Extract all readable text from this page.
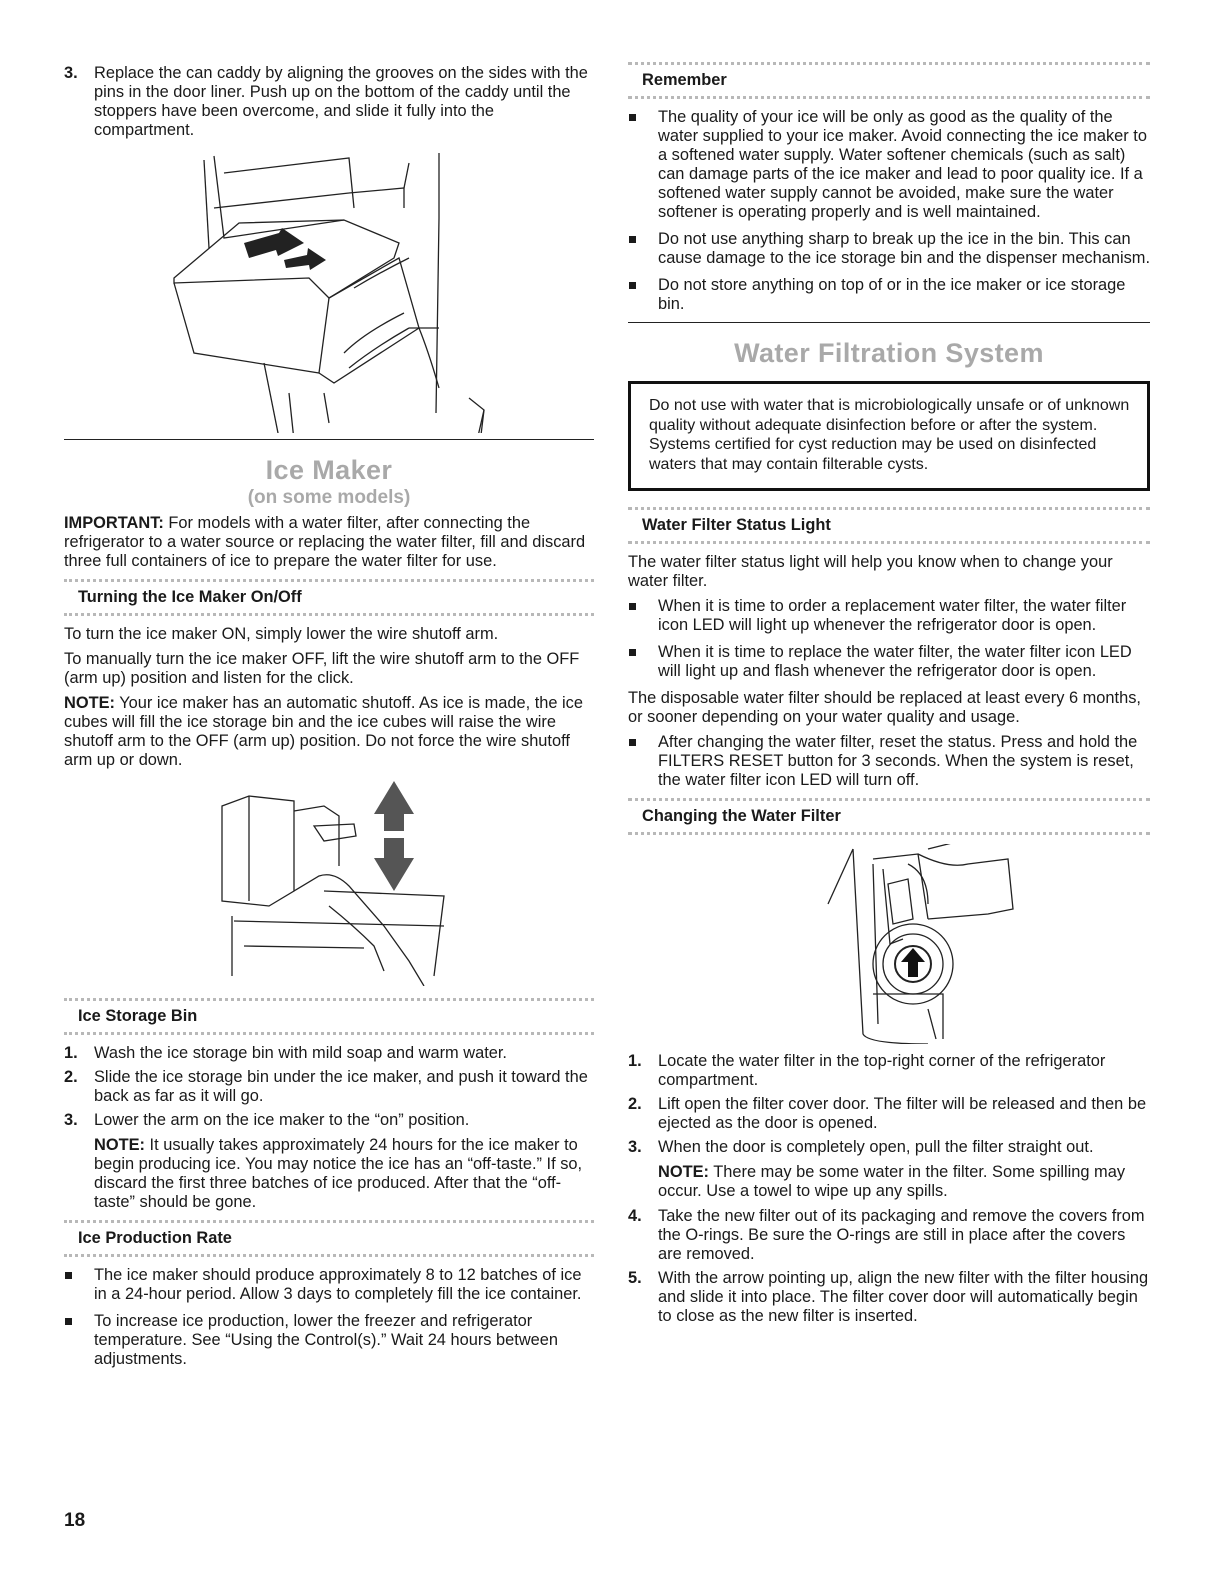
3. Replace the can caddy by aligning the grooves on the sides with the pins in the door liner. Push up on the bottom of the caddy until the stoppers have been overcome, and slide it fully into the compartment.
Ice Maker
(on some models)

IMPORTANT: For models with a water filter, after connecting the refrigerator to a water source or replacing the water filter, fill and discard three full containers of ice to prepare the water filter for use.

Turning the Ice Maker On/Off

To turn the ice maker ON, simply lower the wire shutoff arm.

To manually turn the ice maker OFF, lift the wire shutoff arm to the OFF (arm up) position and listen for the click.

NOTE: Your ice maker has an automatic shutoff. As ice is made, the ice cubes will fill the ice storage bin and the ice cubes will raise the wire shutoff arm to the OFF (arm up) position. Do not force the wire shutoff arm up or down.

Ice Storage Bin
1. Wash the ice storage bin with mild soap and warm water.
2. Slide the ice storage bin under the ice maker, and push it toward the back as far as it will go.
3. Lower the arm on the ice maker to the “on” position.

NOTE: It usually takes approximately 24 hours for the ice maker to begin producing ice. You may notice the ice has an “off-taste.” If so, discard the first three batches of ice produced. After that the “off-taste” should be gone.

Ice Production Rate
The ice maker should produce approximately 8 to 12 batches of ice in a 24-hour period. Allow 3 days to completely fill the ice container.
To increase ice production, lower the freezer and refrigerator temperature. See “Using the Control(s).” Wait 24 hours between adjustments.
Remember
The quality of your ice will be only as good as the quality of the water supplied to your ice maker. Avoid connecting the ice maker to a softened water supply. Water softener chemicals (such as salt) can damage parts of the ice maker and lead to poor quality ice. If a softened water supply cannot be avoided, make sure the water softener is operating properly and is well maintained.
Do not use anything sharp to break up the ice in the bin. This can cause damage to the ice storage bin and the dispenser mechanism.
Do not store anything on top of or in the ice maker or ice storage bin.
Water Filtration System
Do not use with water that is microbiologically unsafe or of unknown quality without adequate disinfection before or after the system. Systems certified for cyst reduction may be used on disinfected waters that may contain filterable cysts.
Water Filter Status Light

The water filter status light will help you know when to change your water filter.

When it is time to order a replacement water filter, the water filter icon LED will light up whenever the refrigerator door is open.
When it is time to replace the water filter, the water filter icon LED will light up and flash whenever the refrigerator door is open.

The disposable water filter should be replaced at least every 6 months, or sooner depending on your water quality and usage.

After changing the water filter, reset the status. Press and hold the FILTERS RESET button for 3 seconds. When the system is reset, the water filter icon LED will turn off.
Changing the Water Filter
1. Locate the water filter in the top-right corner of the refrigerator compartment.
2. Lift open the filter cover door. The filter will be released and then be ejected as the door is opened.
3. When the door is completely open, pull the filter straight out.

NOTE: There may be some water in the filter. Some spilling may occur. Use a towel to wipe up any spills.

4. Take the new filter out of its packaging and remove the covers from the O-rings. Be sure the O-rings are still in place after the covers are removed.
5. With the arrow pointing up, align the new filter with the filter housing and slide it into place. The filter cover door will automatically begin to close as the new filter is inserted.
18
